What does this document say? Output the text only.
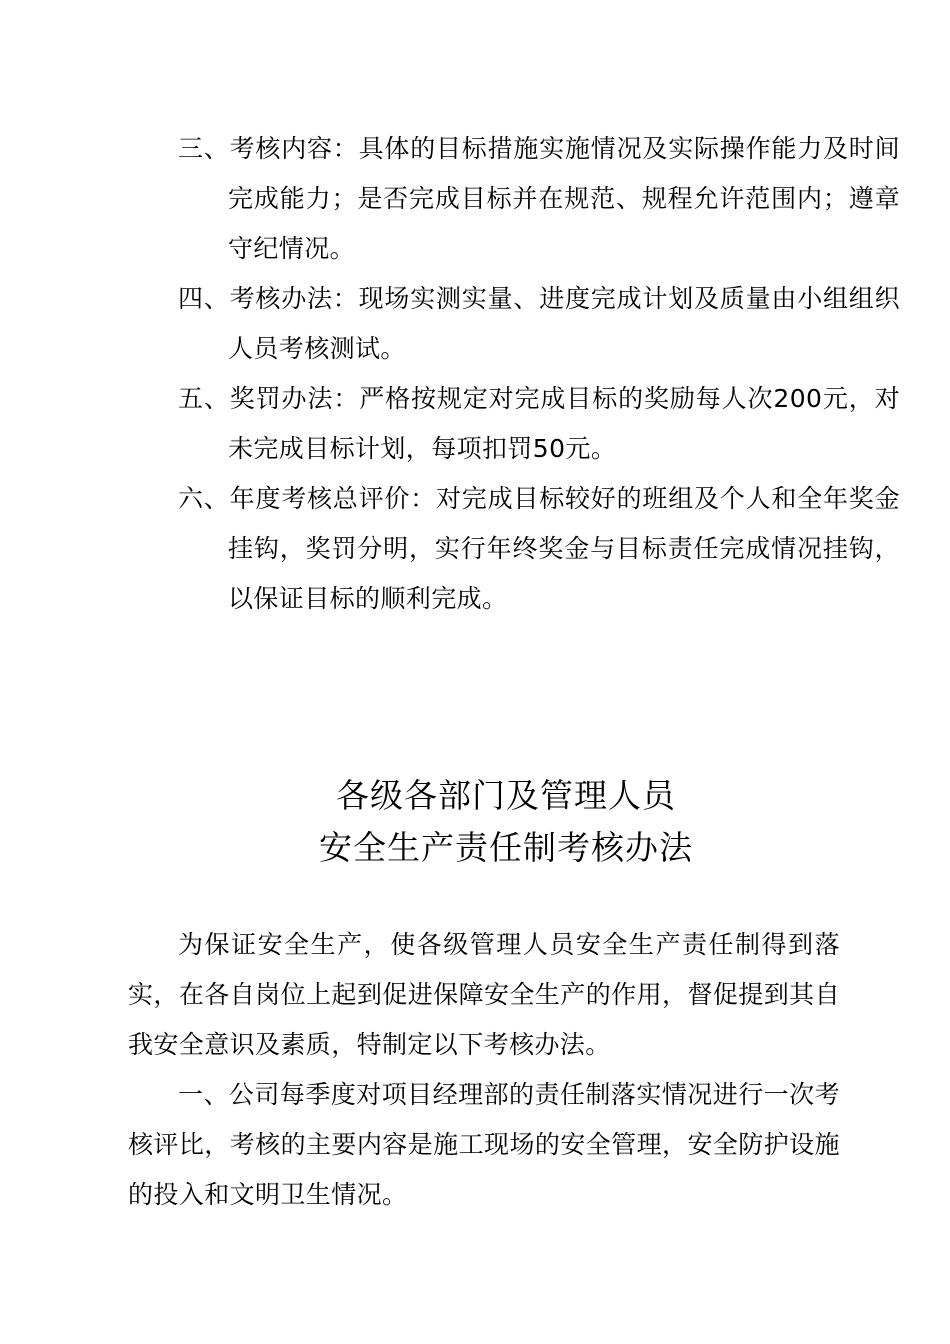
三、考核内容：具体的目标措施实施情况及实际操作能力及时间完成能力；是否完成目标并在规范、规程允许范围内；遵章守纪情况。
四、考核办法：现场实测实量、进度完成计划及质量由小组组织人员考核测试。
五、奖罚办法：严格按规定对完成目标的奖励每人次200元，对未完成目标计划，每项扣罚50元。
六、年度考核总评价：对完成目标较好的班组及个人和全年奖金挂钩，奖罚分明，实行年终奖金与目标责任完成情况挂钩，以保证目标的顺利完成。
各级各部门及管理人员
安全生产责任制考核办法
为保证安全生产，使各级管理人员安全生产责任制得到落实，在各自岗位上起到促进保障安全生产的作用，督促提到其自我安全意识及素质，特制定以下考核办法。
一、公司每季度对项目经理部的责任制落实情况进行一次考核评比，考核的主要内容是施工现场的安全管理，安全防护设施的投入和文明卫生情况。
